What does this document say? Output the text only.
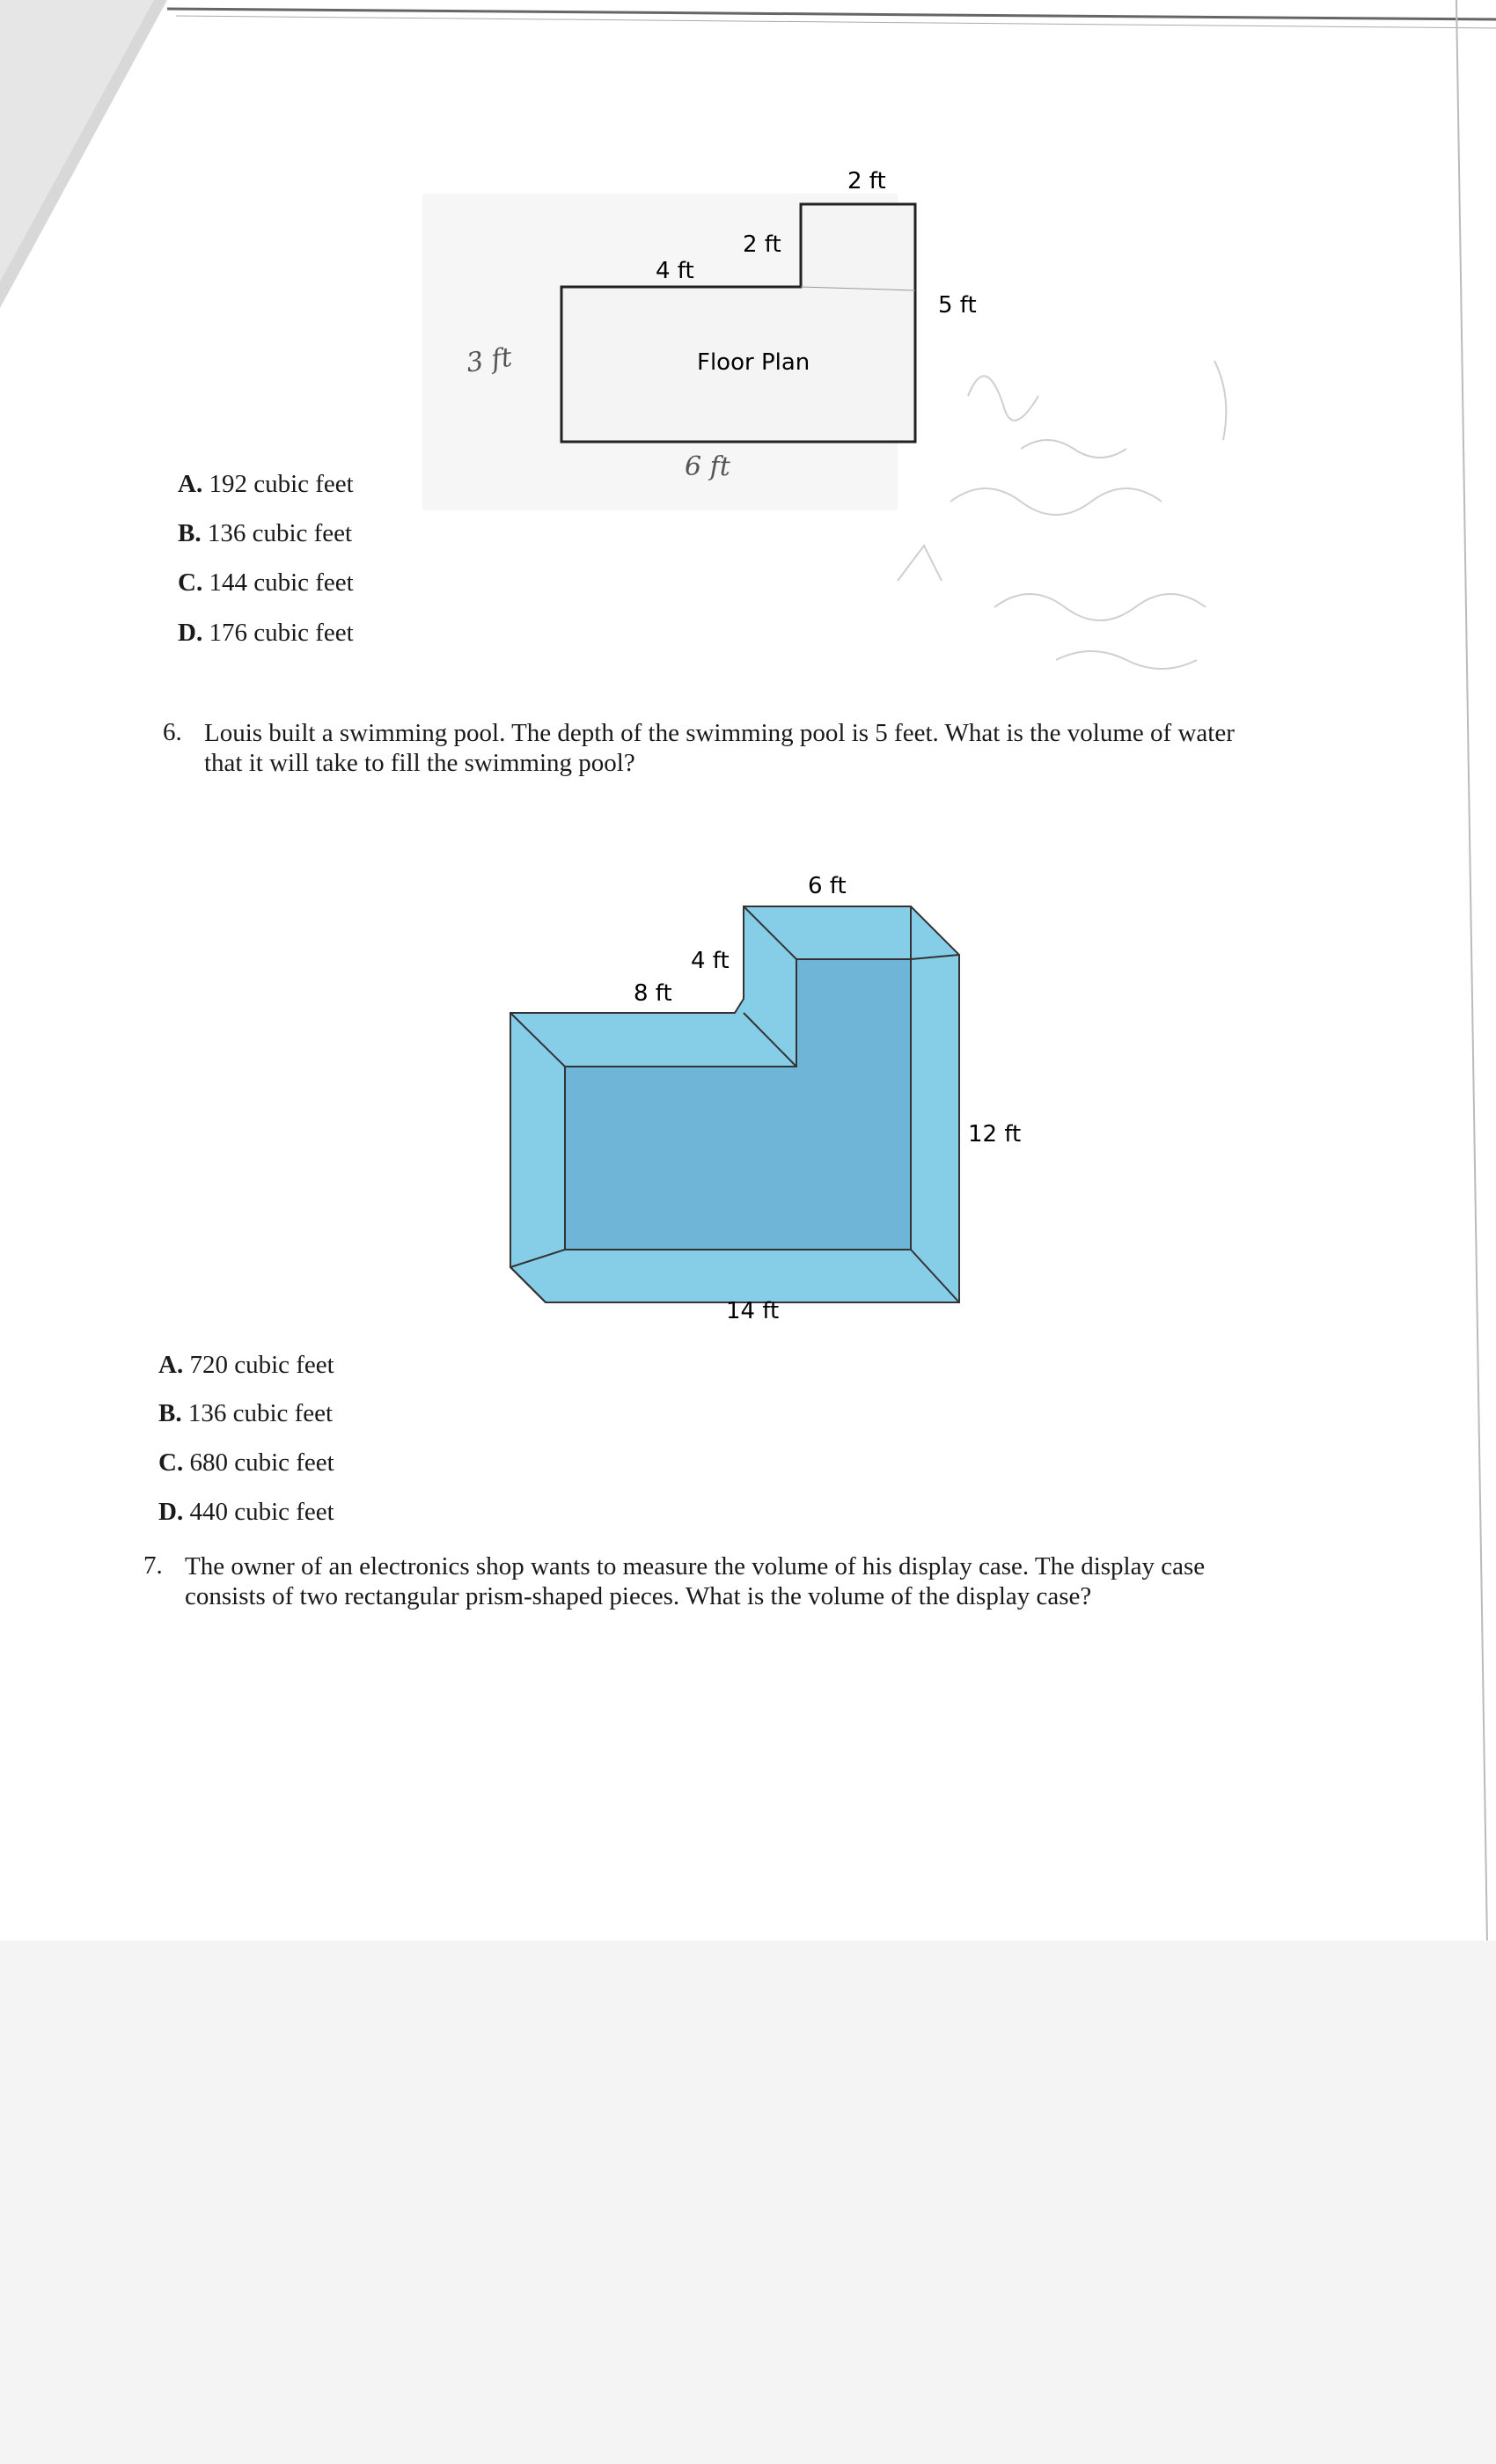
Floor Plan
2 ft
2 ft
4 ft
5 ft
3 ft
6 ft
A. 192 cubic feet
B. 136 cubic feet
C. 144 cubic feet
D. 176 cubic feet
6. Louis built a swimming pool. The depth of the swimming pool is 5 feet. What is the volume of water
that it will take to fill the swimming pool?
6 ft
4 ft
8 ft
12 ft
14 ft
A. 720 cubic feet
B. 136 cubic feet
C. 680 cubic feet
D. 440 cubic feet
7. The owner of an electronics shop wants to measure the volume of his display case. The display case
consists of two rectangular prism-shaped pieces. What is the volume of the display case?
